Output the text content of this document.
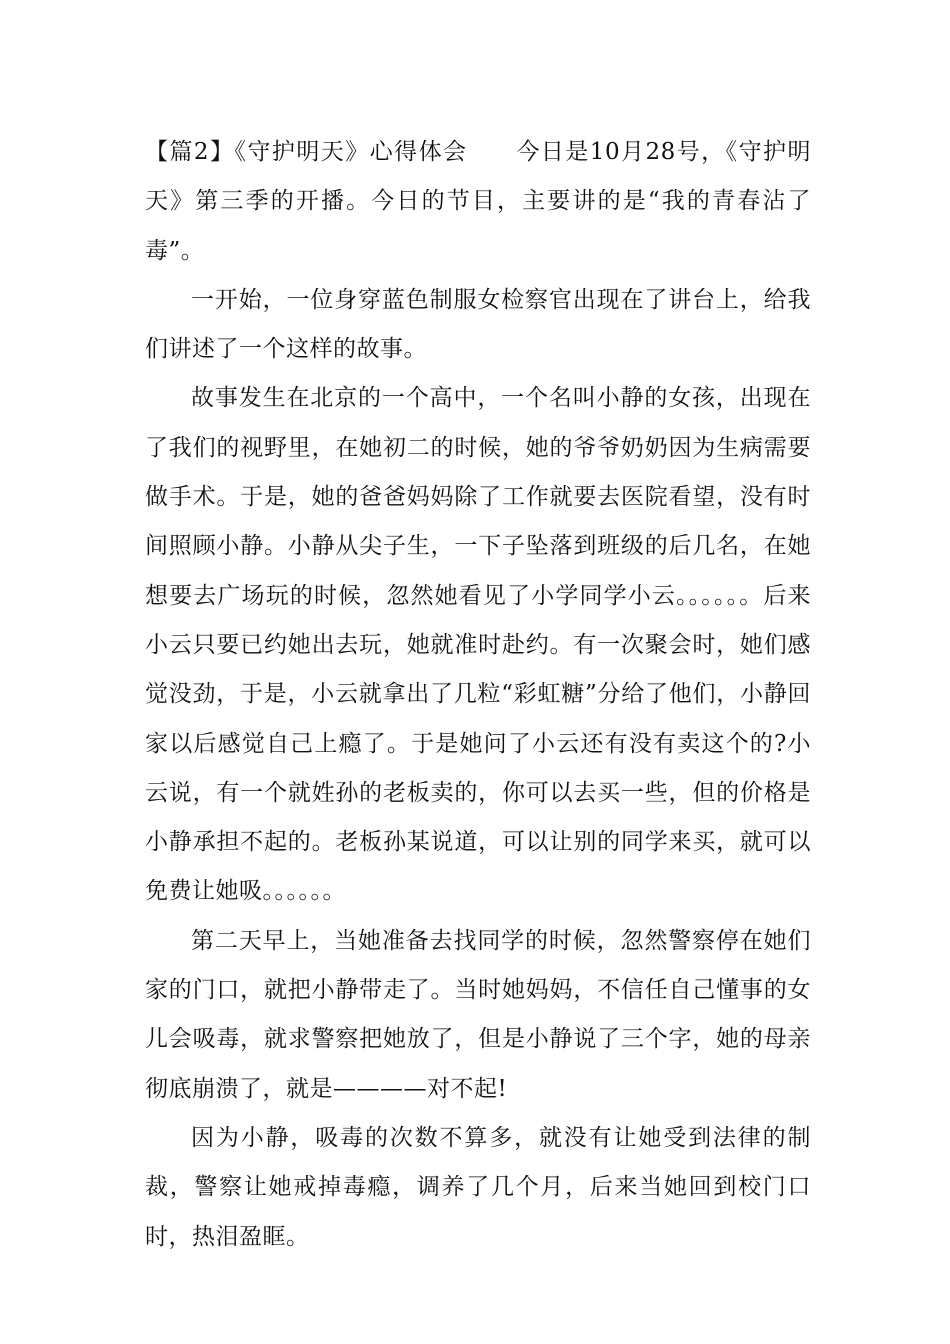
【篇2】《守护明天》心得体会　　今日是10月28号，《守护明天》第三季的开播。今日的节目，主要讲的是“我的青春沾了毒”。

一开始，一位身穿蓝色制服女检察官出现在了讲台上，给我们讲述了一个这样的故事。

故事发生在北京的一个高中，一个名叫小静的女孩，出现在了我们的视野里，在她初二的时候，她的爷爷奶奶因为生病需要做手术。于是，她的爸爸妈妈除了工作就要去医院看望，没有时间照顾小静。小静从尖子生，一下子坠落到班级的后几名，在她想要去广场玩的时候，忽然她看见了小学同学小云。。。。。。后来小云只要已约她出去玩，她就准时赴约。有一次聚会时，她们感觉没劲，于是，小云就拿出了几粒“彩虹糖”分给了他们，小静回家以后感觉自己上瘾了。于是她问了小云还有没有卖这个的?小云说，有一个就姓孙的老板卖的，你可以去买一些，但的价格是小静承担不起的。老板孙某说道，可以让别的同学来买，就可以免费让她吸。。。。。。

第二天早上，当她准备去找同学的时候，忽然警察停在她们家的门口，就把小静带走了。当时她妈妈，不信任自己懂事的女儿会吸毒，就求警察把她放了，但是小静说了三个字，她的母亲彻底崩溃了，就是————对不起!

因为小静，吸毒的次数不算多，就没有让她受到法律的制裁，警察让她戒掉毒瘾，调养了几个月，后来当她回到校门口时，热泪盈眶。
